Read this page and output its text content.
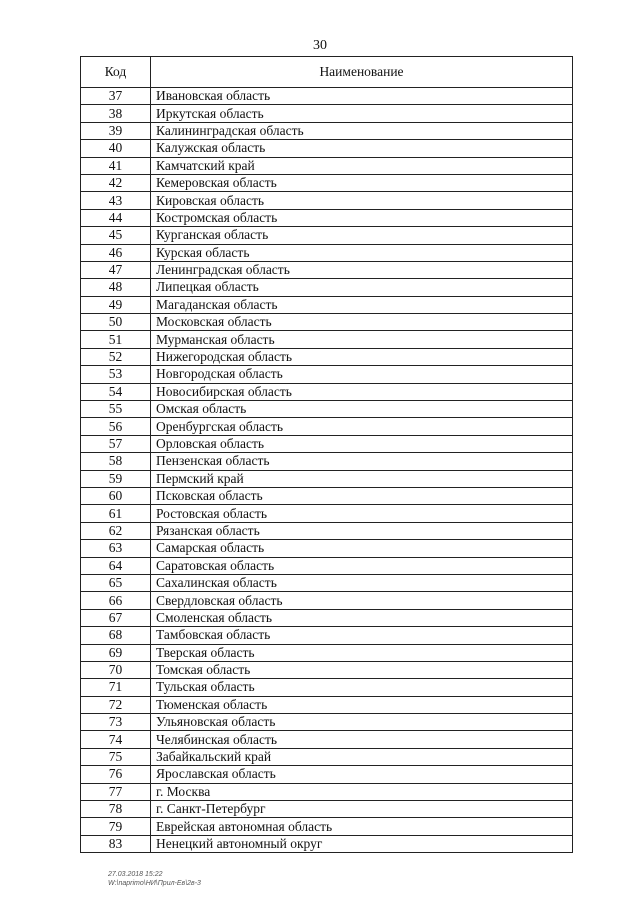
30
Код	Наименование
37	Ивановская область
38	Иркутская область
39	Калининградская область
40	Калужская область
41	Камчатский край
42	Кемеровская область
43	Кировская область
44	Костромская область
45	Курганская область
46	Курская область
47	Ленинградская область
48	Липецкая область
49	Магаданская область
50	Московская область
51	Мурманская область
52	Нижегородская область
53	Новгородская область
54	Новосибирская область
55	Омская область
56	Оренбургская область
57	Орловская область
58	Пензенская область
59	Пермский край
60	Псковская область
61	Ростовская область
62	Рязанская область
63	Самарская область
64	Саратовская область
65	Сахалинская область
66	Свердловская область
67	Смоленская область
68	Тамбовская область
69	Тверская область
70	Томская область
71	Тульская область
72	Тюменская область
73	Ульяновская область
74	Челябинская область
75	Забайкальский край
76	Ярославская область
77	г. Москва
78	г. Санкт-Петербург
79	Еврейская автономная область
83	Ненецкий автономный округ
27.03.2018 15:22
W:\naprimo\НИ\Прил-Ев\2в-3
